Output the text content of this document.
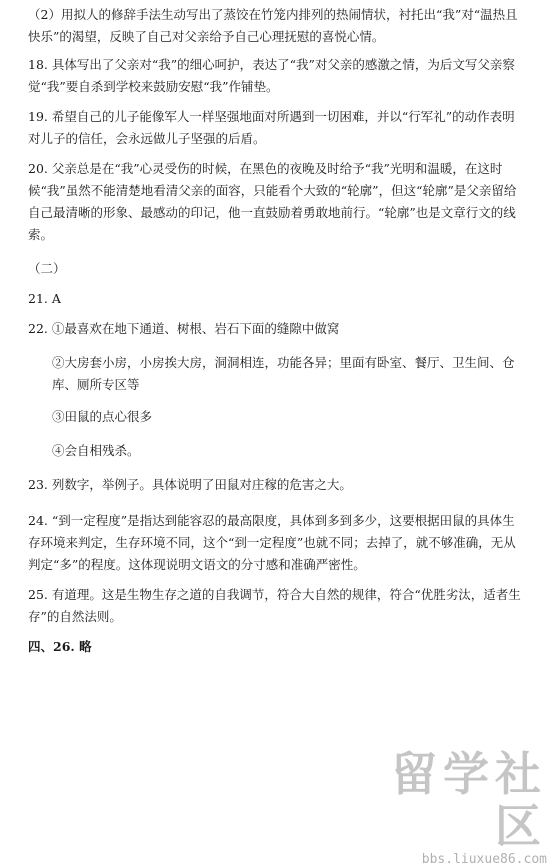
（2）用拟人的修辞手法生动写出了蒸饺在竹笼内排列的热闹情状，衬托出“我”对“温热且快乐”的渴望，反映了自己对父亲给予自己心理抚慰的喜悦心情。

18. 具体写出了父亲对“我”的细心呵护，表达了“我”对父亲的感激之情，为后文写父亲察觉“我”要自杀到学校来鼓励安慰“我”作铺垫。

19. 希望自己的儿子能像军人一样坚强地面对所遇到一切困难，并以“行军礼”的动作表明对儿子的信任，会永远做儿子坚强的后盾。

20. 父亲总是在“我”心灵受伤的时候，在黑色的夜晚及时给予“我”光明和温暖，在这时候“我”虽然不能清楚地看清父亲的面容，只能看个大致的“轮廓”，但这“轮廓”是父亲留给自己最清晰的形象、最感动的印记，他一直鼓励着勇敢地前行。“轮廓”也是文章行文的线索。

（二）

21. A

22. ①最喜欢在地下通道、树根、岩石下面的缝隙中做窝

②大房套小房，小房挨大房，洞洞相连，功能各异；里面有卧室、餐厅、卫生间、仓库、厕所专区等

③田鼠的点心很多

④会自相残杀。

23. 列数字，举例子。具体说明了田鼠对庄稼的危害之大。

24. “到一定程度”是指达到能容忍的最高限度，具体到多到多少，这要根据田鼠的具体生存环境来判定，生存环境不同，这个“到一定程度”也就不同；去掉了，就不够准确，无从判定“多”的程度。这体现说明文语文的分寸感和准确严密性。

25. 有道理。这是生物生存之道的自我调节，符合大自然的规律，符合“优胜劣汰，适者生存”的自然法则。

四、26. 略

留学社区
bbs.liuxue86.com
